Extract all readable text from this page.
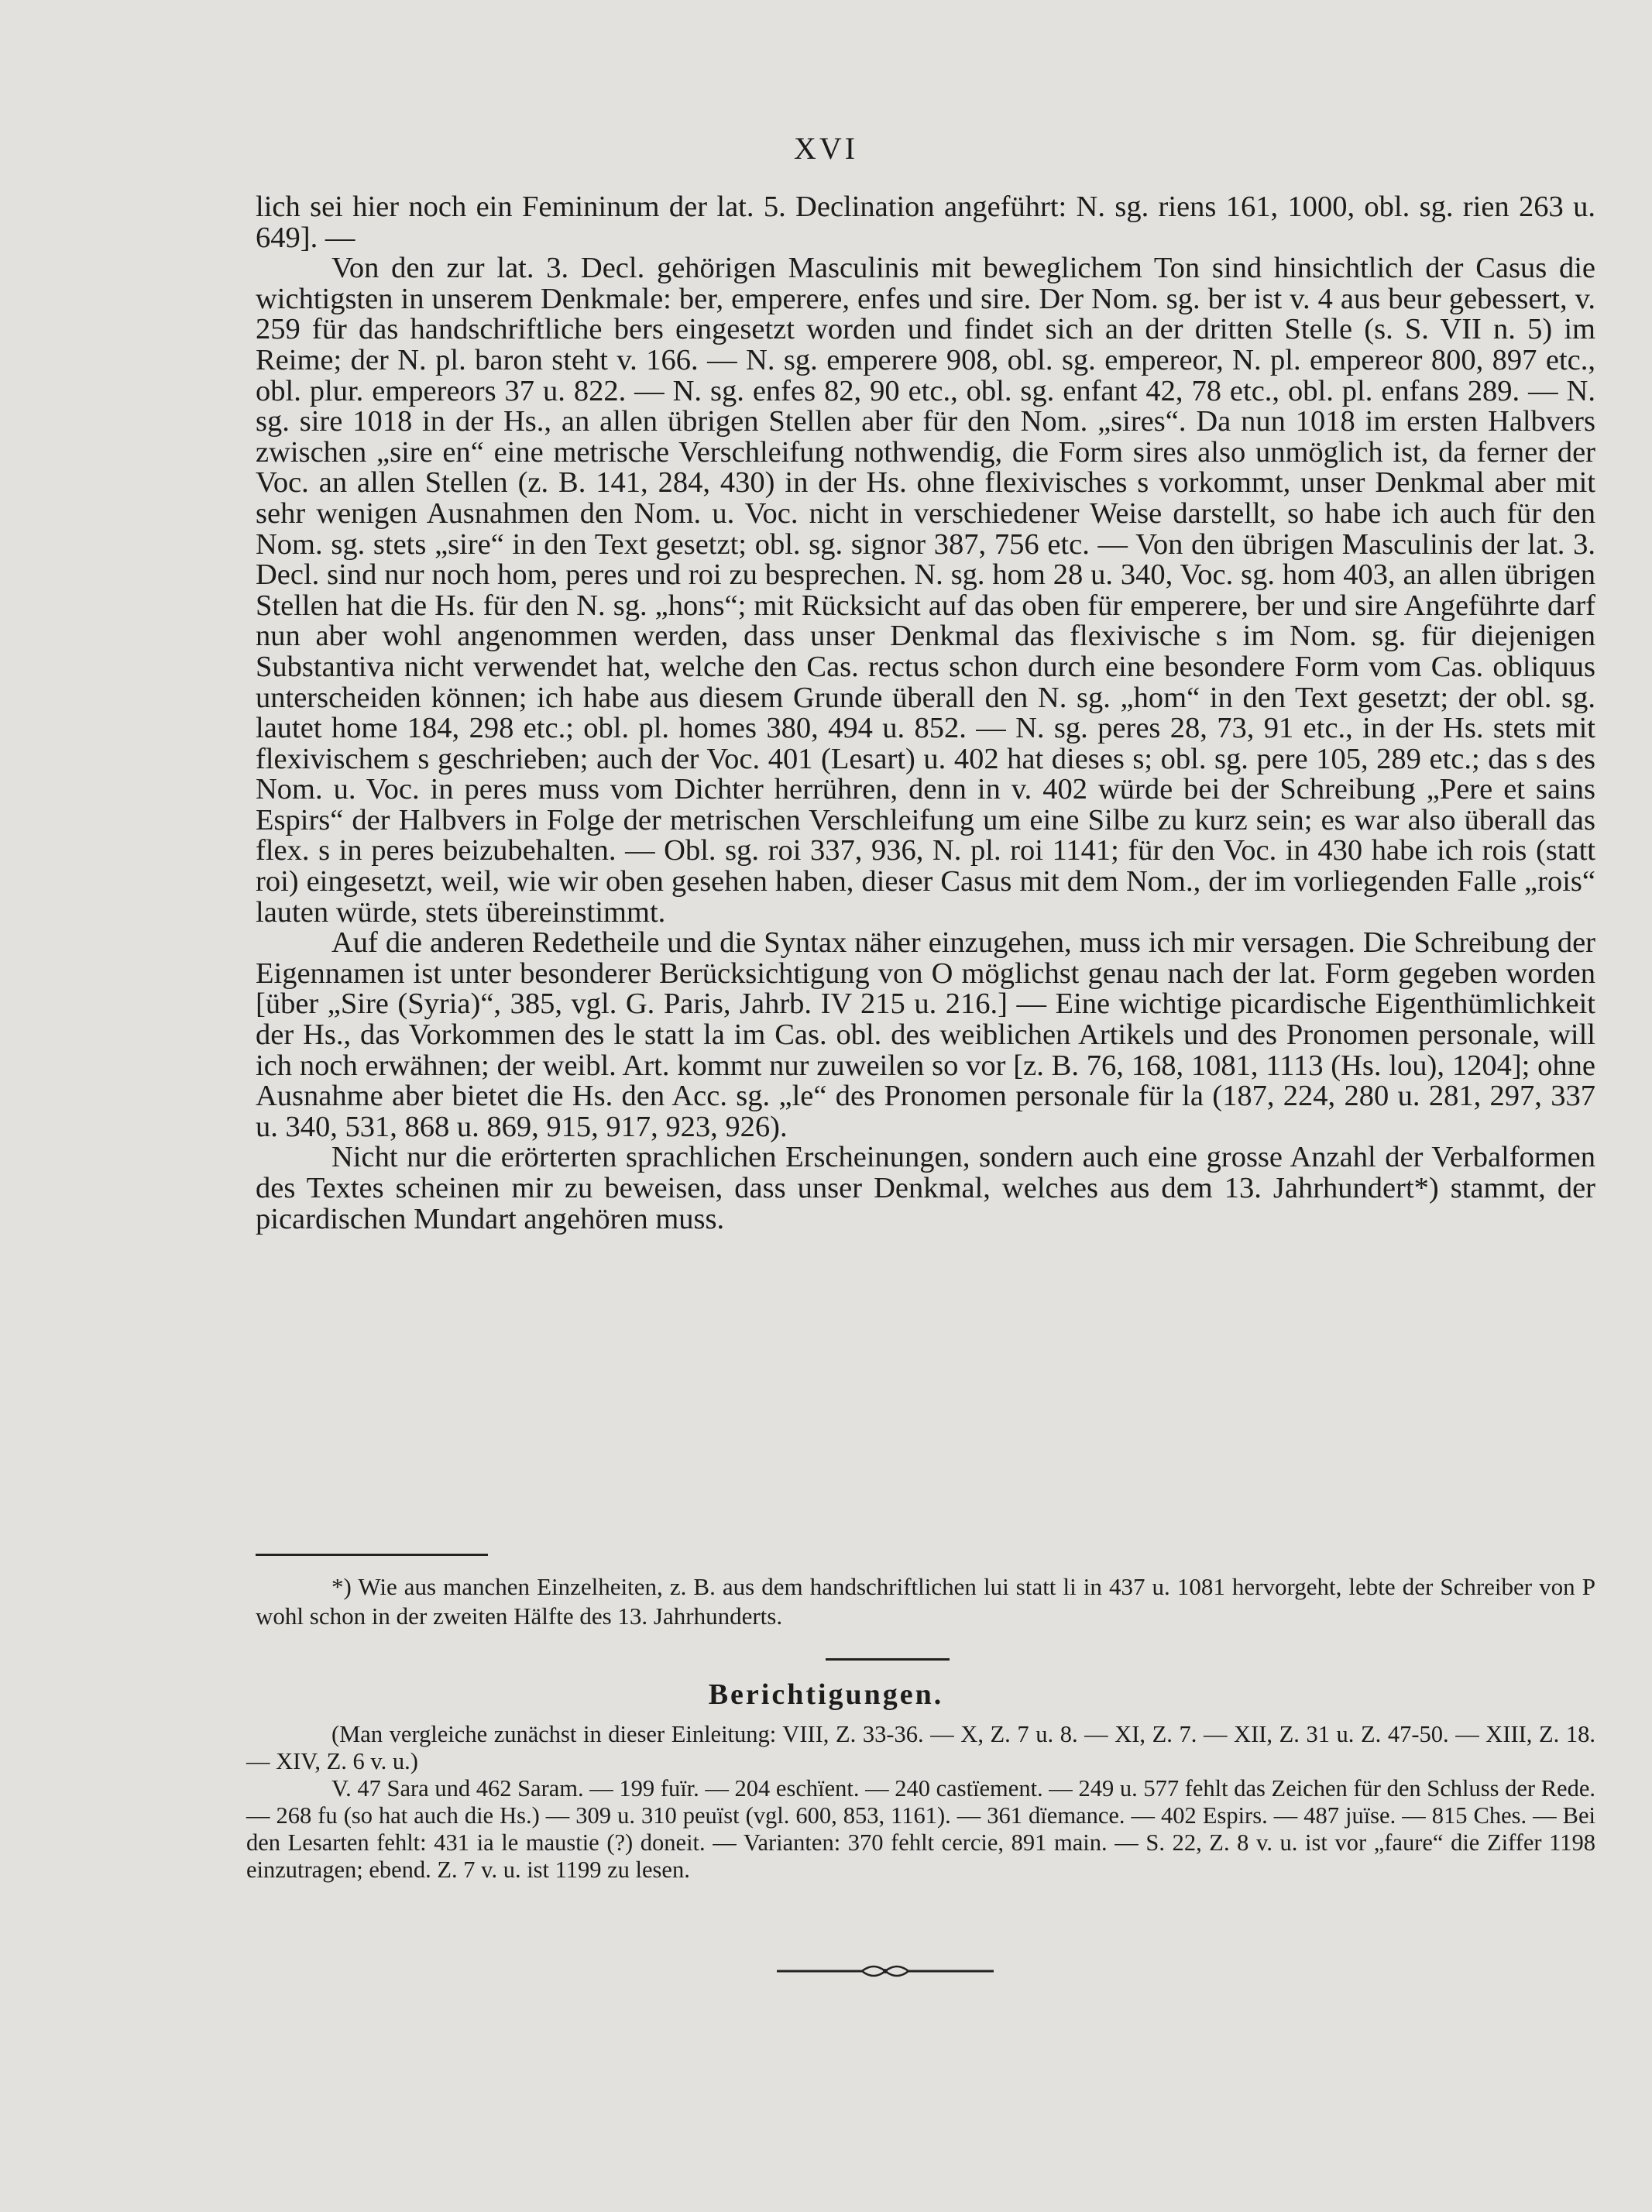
XVI

lich sei hier noch ein Femininum der lat. 5. Declination angeführt: N. sg. riens 161, 1000, obl. sg. rien 263 u. 649]. —

Von den zur lat. 3. Decl. gehörigen Masculinis mit beweglichem Ton sind hinsichtlich der Casus die wichtigsten in unserem Denkmale: ber, emperere, enfes und sire. Der Nom. sg. ber ist v. 4 aus beur gebessert, v. 259 für das handschriftliche bers eingesetzt worden und findet sich an der dritten Stelle (s. S. VII n. 5) im Reime; der N. pl. baron steht v. 166. — N. sg. emperere 908, obl. sg. empereor, N. pl. empereor 800, 897 etc., obl. plur. empereors 37 u. 822. — N. sg. enfes 82, 90 etc., obl. sg. enfant 42, 78 etc., obl. pl. enfans 289. — N. sg. sire 1018 in der Hs., an allen übrigen Stellen aber für den Nom. „sires“. Da nun 1018 im ersten Halbvers zwischen „sire en“ eine metrische Verschleifung nothwendig, die Form sires also unmöglich ist, da ferner der Voc. an allen Stellen (z. B. 141, 284, 430) in der Hs. ohne flexivisches s vorkommt, unser Denkmal aber mit sehr wenigen Ausnahmen den Nom. u. Voc. nicht in verschiedener Weise darstellt, so habe ich auch für den Nom. sg. stets „sire“ in den Text gesetzt; obl. sg. signor 387, 756 etc. — Von den übrigen Masculinis der lat. 3. Decl. sind nur noch hom, peres und roi zu besprechen. N. sg. hom 28 u. 340, Voc. sg. hom 403, an allen übrigen Stellen hat die Hs. für den N. sg. „hons“; mit Rücksicht auf das oben für emperere, ber und sire Angeführte darf nun aber wohl angenommen werden, dass unser Denkmal das flexivische s im Nom. sg. für diejenigen Substantiva nicht verwendet hat, welche den Cas. rectus schon durch eine besondere Form vom Cas. obliquus unterscheiden können; ich habe aus diesem Grunde überall den N. sg. „hom“ in den Text gesetzt; der obl. sg. lautet home 184, 298 etc.; obl. pl. homes 380, 494 u. 852. — N. sg. peres 28, 73, 91 etc., in der Hs. stets mit flexivischem s geschrieben; auch der Voc. 401 (Lesart) u. 402 hat dieses s; obl. sg. pere 105, 289 etc.; das s des Nom. u. Voc. in peres muss vom Dichter herrühren, denn in v. 402 würde bei der Schreibung „Pere et sains Espirs“ der Halbvers in Folge der metrischen Verschleifung um eine Silbe zu kurz sein; es war also überall das flex. s in peres beizubehalten. — Obl. sg. roi 337, 936, N. pl. roi 1141; für den Voc. in 430 habe ich rois (statt roi) eingesetzt, weil, wie wir oben gesehen haben, dieser Casus mit dem Nom., der im vorliegenden Falle „rois“ lauten würde, stets übereinstimmt.

Auf die anderen Redetheile und die Syntax näher einzugehen, muss ich mir versagen. Die Schreibung der Eigennamen ist unter besonderer Berücksichtigung von O möglichst genau nach der lat. Form gegeben worden [über „Sire (Syria)“, 385, vgl. G. Paris, Jahrb. IV 215 u. 216.] — Eine wichtige picardische Eigenthümlichkeit der Hs., das Vorkommen des le statt la im Cas. obl. des weiblichen Artikels und des Pronomen personale, will ich noch erwähnen; der weibl. Art. kommt nur zuweilen so vor [z. B. 76, 168, 1081, 1113 (Hs. lou), 1204]; ohne Ausnahme aber bietet die Hs. den Acc. sg. „le“ des Pronomen personale für la (187, 224, 280 u. 281, 297, 337 u. 340, 531, 868 u. 869, 915, 917, 923, 926).

Nicht nur die erörterten sprachlichen Erscheinungen, sondern auch eine grosse Anzahl der Verbalformen des Textes scheinen mir zu beweisen, dass unser Denkmal, welches aus dem 13. Jahrhundert*) stammt, der picardischen Mundart angehören muss.

*) Wie aus manchen Einzelheiten, z. B. aus dem handschriftlichen lui statt li in 437 u. 1081 hervorgeht, lebte der Schreiber von P wohl schon in der zweiten Hälfte des 13. Jahrhunderts.

Berichtigungen.

(Man vergleiche zunächst in dieser Einleitung: VIII, Z. 33-36. — X, Z. 7 u. 8. — XI, Z. 7. — XII, Z. 31 u. Z. 47-50. — XIII, Z. 18. — XIV, Z. 6 v. u.)

V. 47 Sara und 462 Saram. — 199 fuïr. — 204 eschïent. — 240 castïement. — 249 u. 577 fehlt das Zeichen für den Schluss der Rede. — 268 fu (so hat auch die Hs.) — 309 u. 310 peuïst (vgl. 600, 853, 1161). — 361 dïemance. — 402 Espirs. — 487 juïse. — 815 Ches. — Bei den Lesarten fehlt: 431 ia le maustie (?) doneit. — Varianten: 370 fehlt cercie, 891 main. — S. 22, Z. 8 v. u. ist vor „faure“ die Ziffer 1198 einzutragen; ebend. Z. 7 v. u. ist 1199 zu lesen.
